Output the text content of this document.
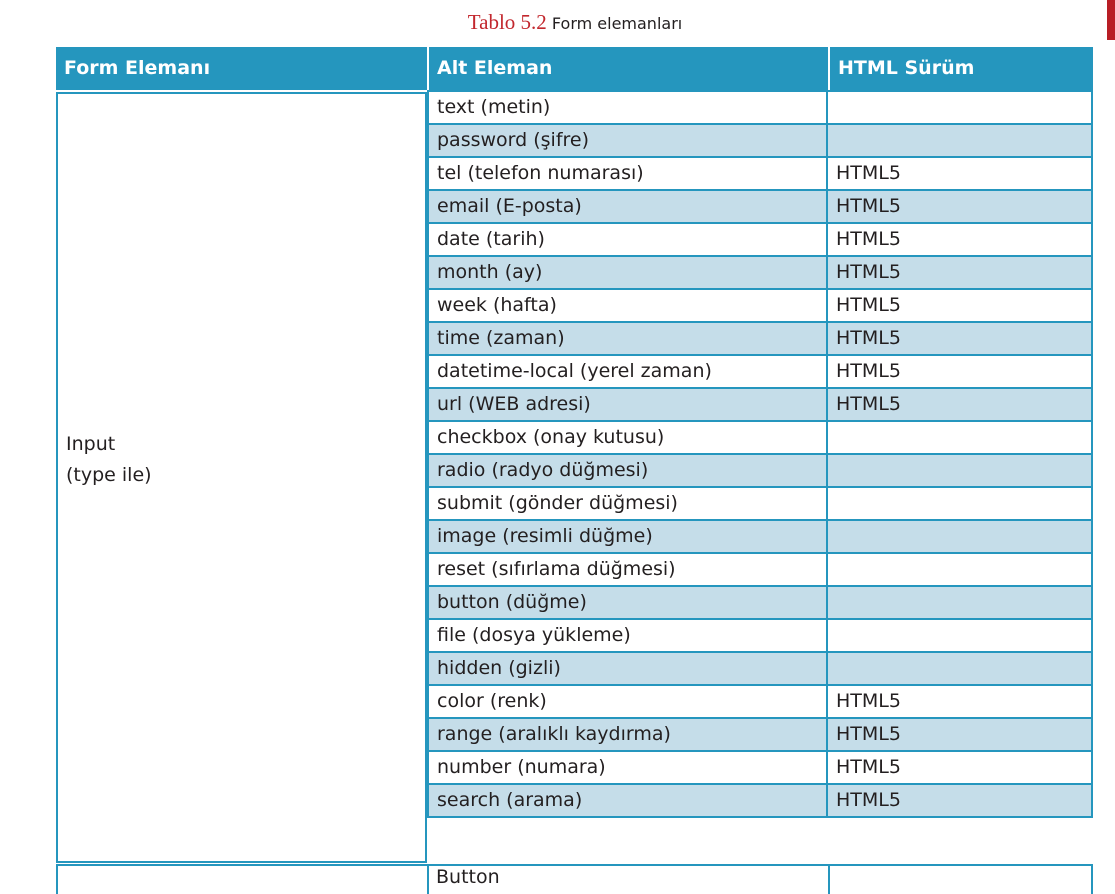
Tablo 5.2 Form elemanları
Form Elemanı	Alt Eleman	HTML Sürüm
Input
(type ile)
text (metin)
password (şifre)
tel (telefon numarası)	HTML5
email (E-posta)	HTML5
date (tarih)	HTML5
month (ay)	HTML5
week (hafta)	HTML5
time (zaman)	HTML5
datetime-local (yerel zaman)	HTML5
url (WEB adresi)	HTML5
checkbox (onay kutusu)
radio (radyo düğmesi)
submit (gönder düğmesi)
image (resimli düğme)
reset (sıfırlama düğmesi)
button (düğme)
file (dosya yükleme)
hidden (gizli)
color (renk)	HTML5
range (aralıklı kaydırma)	HTML5
number (numara)	HTML5
search (arama)	HTML5
Button
